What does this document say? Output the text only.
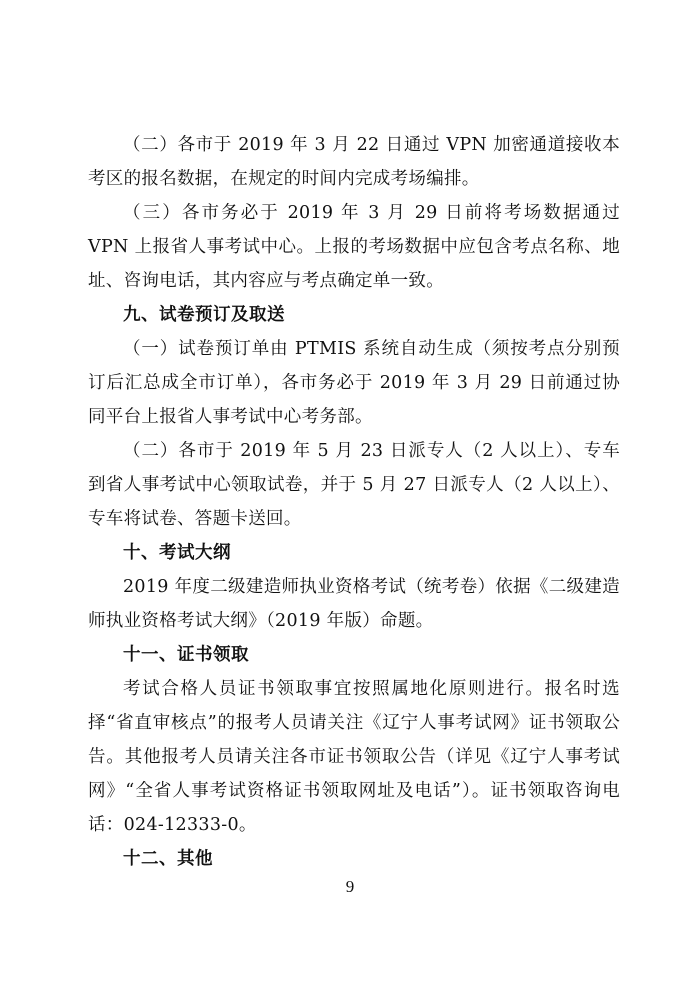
（二）各市于 2019 年 3 月 22 日通过 VPN 加密通道接收本考区的报名数据，在规定的时间内完成考场编排。

（三）各市务必于 2019 年 3 月 29 日前将考场数据通过 VPN 上报省人事考试中心。上报的考场数据中应包含考点名称、地址、咨询电话，其内容应与考点确定单一致。

九、试卷预订及取送

（一）试卷预订单由 PTMIS 系统自动生成（须按考点分别预订后汇总成全市订单），各市务必于 2019 年 3 月 29 日前通过协同平台上报省人事考试中心考务部。

（二）各市于 2019 年 5 月 23 日派专人（2 人以上）、专车到省人事考试中心领取试卷，并于 5 月 27 日派专人（2 人以上）、专车将试卷、答题卡送回。

十、考试大纲

2019 年度二级建造师执业资格考试（统考卷）依据《二级建造师执业资格考试大纲》（2019 年版）命题。

十一、证书领取

考试合格人员证书领取事宜按照属地化原则进行。报名时选择“省直审核点”的报考人员请关注《辽宁人事考试网》证书领取公告。其他报考人员请关注各市证书领取公告（详见《辽宁人事考试网》“全省人事考试资格证书领取网址及电话”）。证书领取咨询电话：024-12333-0。

十二、其他

9
